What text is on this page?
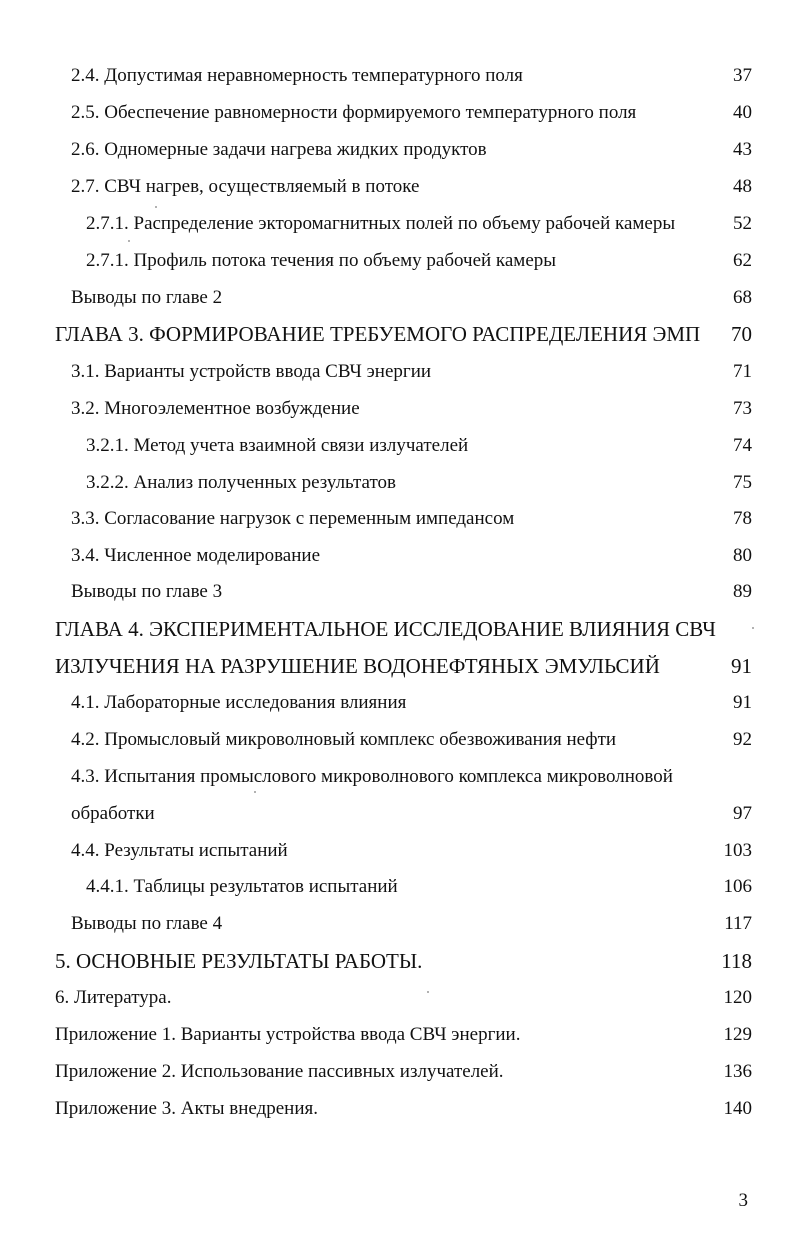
2.4. Допустимая неравномерность температурного поля	37
2.5. Обеспечение равномерности формируемого температурного поля	40
2.6. Одномерные задачи нагрева жидких продуктов	43
2.7. СВЧ нагрев, осуществляемый в потоке	48
2.7.1. Распределение экторомагнитных полей по объему рабочей камеры	52
2.7.1. Профиль потока течения по объему рабочей камеры	62
Выводы по главе 2	68
ГЛАВА 3. ФОРМИРОВАНИЕ ТРЕБУЕМОГО РАСПРЕДЕЛЕНИЯ ЭМП	70
3.1. Варианты устройств ввода СВЧ энергии	71
3.2. Многоэлементное возбуждение	73
3.2.1. Метод учета взаимной связи излучателей	74
3.2.2. Анализ полученных результатов	75
3.3. Согласование нагрузок с переменным импедансом	78
3.4. Численное моделирование	80
Выводы по главе 3	89
ГЛАВА 4. ЭКСПЕРИМЕНТАЛЬНОЕ ИССЛЕДОВАНИЕ ВЛИЯНИЯ СВЧ
ИЗЛУЧЕНИЯ НА РАЗРУШЕНИЕ ВОДОНЕФТЯНЫХ ЭМУЛЬСИЙ	91
4.1. Лабораторные исследования влияния	91
4.2. Промысловый микроволновый комплекс обезвоживания нефти	92
4.3. Испытания промыслового микроволнового комплекса микроволновой
обработки	97
4.4. Результаты испытаний	103
4.4.1. Таблицы результатов испытаний	106
Выводы по главе 4	117
5. ОСНОВНЫЕ РЕЗУЛЬТАТЫ РАБОТЫ.	118
6. Литература.	120
Приложение 1. Варианты устройства ввода СВЧ энергии.	129
Приложение 2. Использование пассивных излучателей.	136
Приложение 3. Акты внедрения.	140
3
